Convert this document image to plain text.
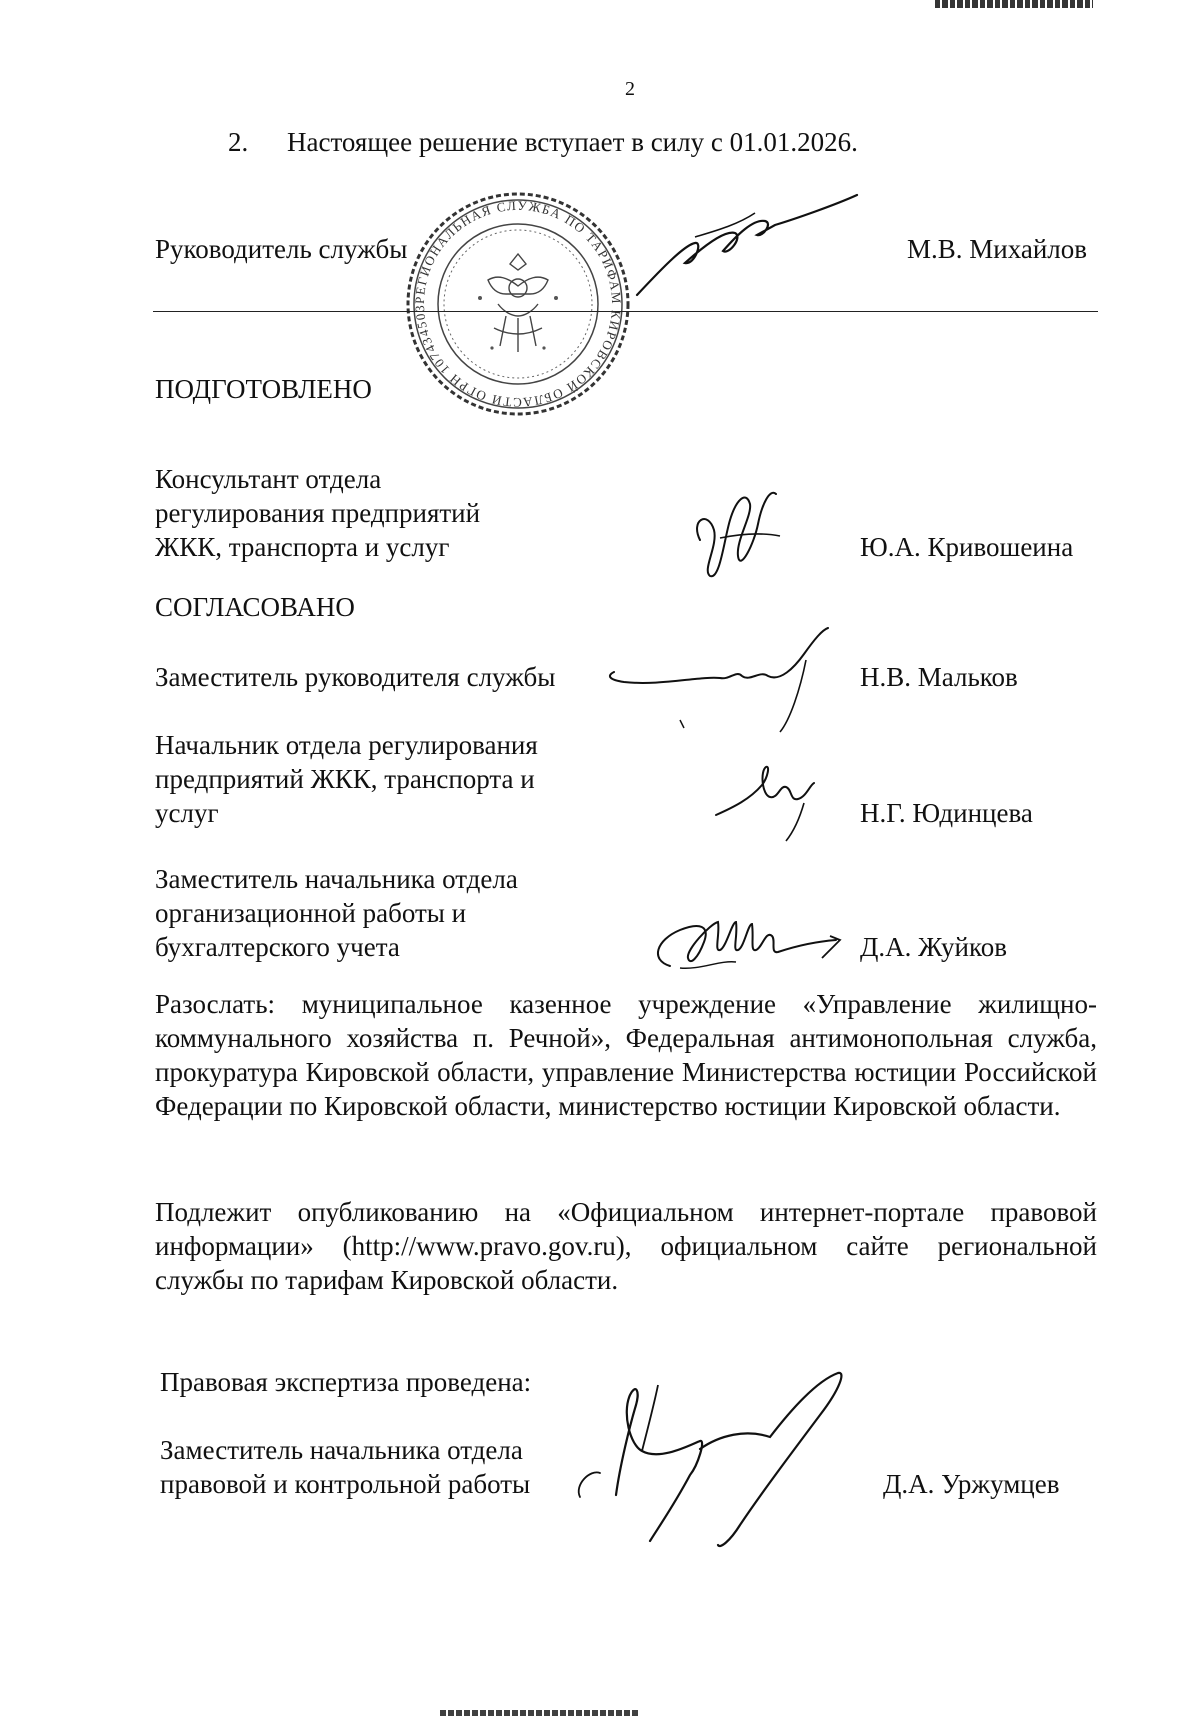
2

2. Настоящее решение вступает в силу с 01.01.2026.

Руководитель службы	М.В. Михайлов

РЕГИОНАЛЬНАЯ СЛУЖБА ПО ТАРИФАМ КИРОВСКОЙ ОБЛАСТИ ОГРН 1074345031665

ПОДГОТОВЛЕНО

Консультант отдела

регулирования предприятий

ЖКК, транспорта и услуг	Ю.А. Кривошеина

СОГЛАСОВАНО

Заместитель руководителя службы	Н.В. Мальков

Начальник отдела регулирования

предприятий ЖКК, транспорта и

услуг	Н.Г. Юдинцева

Заместитель начальника отдела

организационной работы и

бухгалтерского учета	Д.А. Жуйков

Разослать: муниципальное казенное учреждение «Управление жилищно-коммунального хозяйства п. Речной», Федеральная антимонопольная служба, прокуратура Кировской области, управление Министерства юстиции Российской Федерации по Кировской области, министерство юстиции Кировской области.
Подлежит опубликованию на «Официальном интернет-портале правовой информации» (http://www.pravo.gov.ru), официальном сайте региональной службы по тарифам Кировской области.

Правовая экспертиза проведена:

Заместитель начальника отдела

правовой и контрольной работы	Д.А. Уржумцев
